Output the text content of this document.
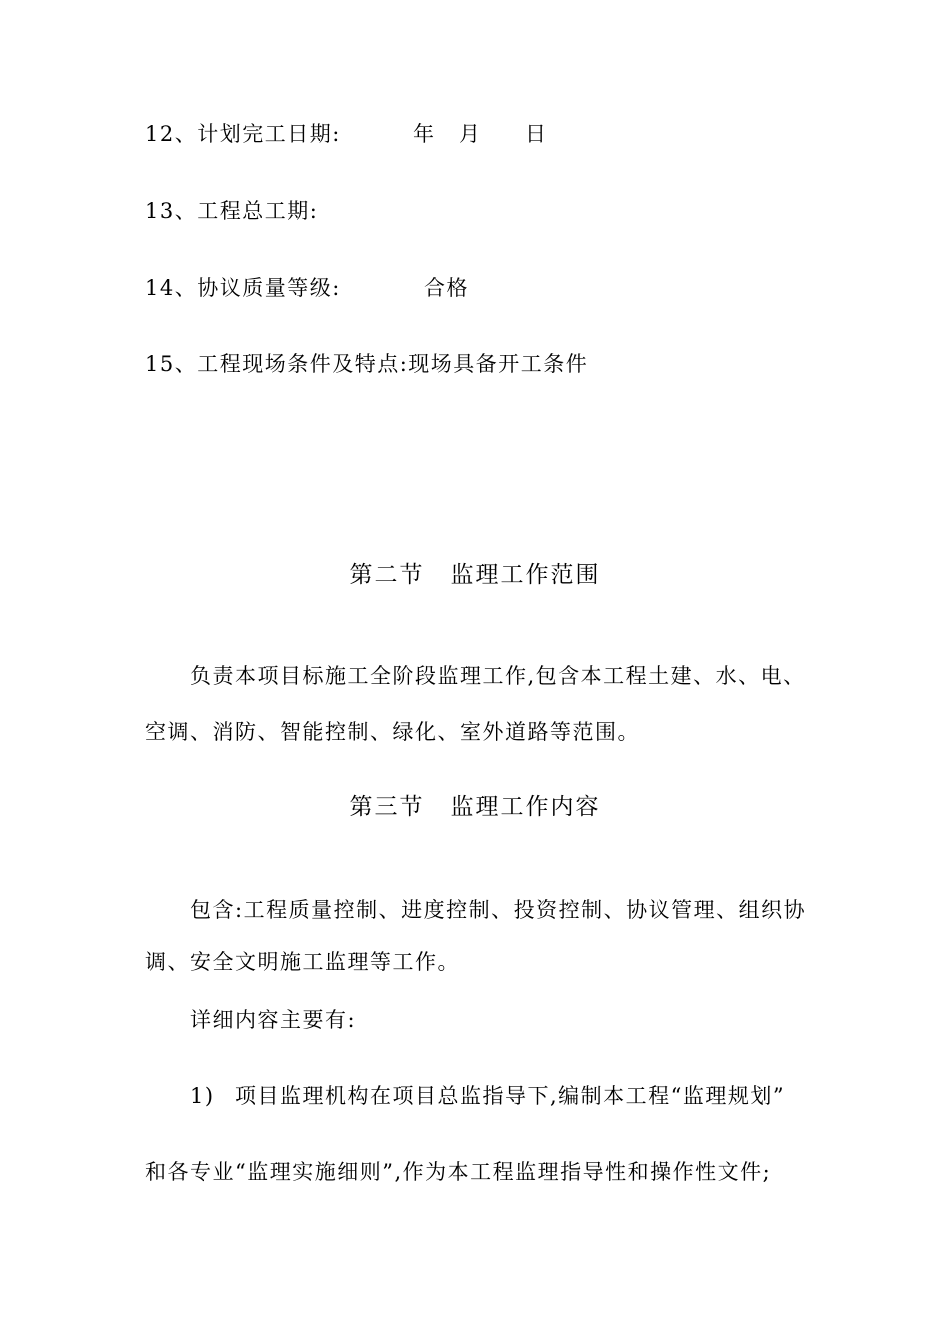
12、计划完工日期:	年 月 日
13、工程总工期:
14、协议质量等级:	合格
15、工程现场条件及特点:现场具备开工条件
第二节 监理工作范围
负责本项目标施工全阶段监理工作,包含本工程土建、水、电、
空调、消防、智能控制、绿化、室外道路等范围。
第三节 监理工作内容
包含:工程质量控制、进度控制、投资控制、协议管理、组织协
调、安全文明施工监理等工作。
详细内容主要有:
1) 项目监理机构在项目总监指导下,编制本工程“监理规划”
和各专业“监理实施细则”,作为本工程监理指导性和操作性文件;
